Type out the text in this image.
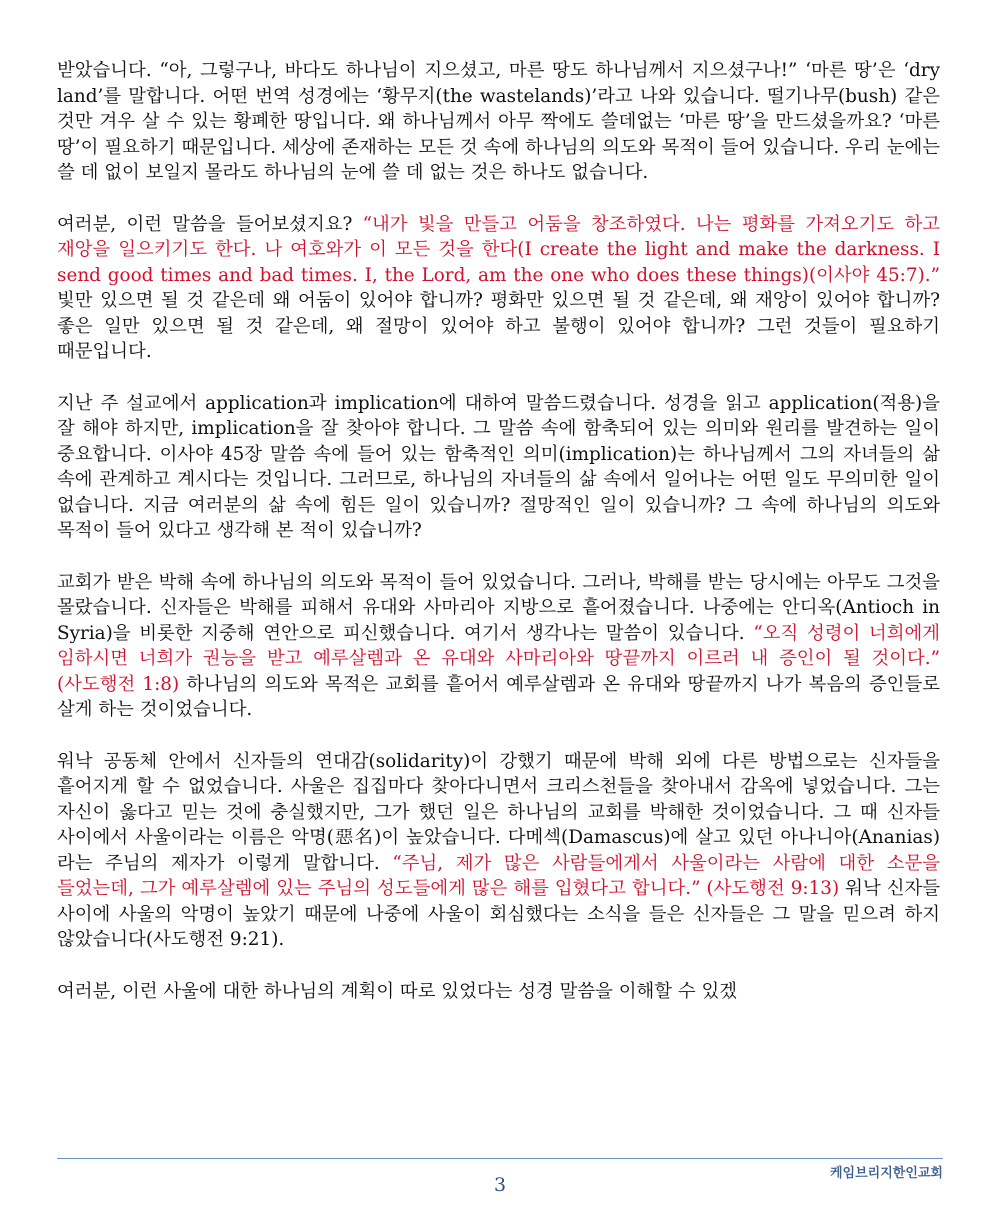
받았습니다. “아, 그렇구나, 바다도 하나님이 지으셨고, 마른 땅도 하나님께서 지으셨구나!” ‘마른 땅’은 ‘dry land’를 말합니다. 어떤 번역 성경에는 ‘황무지(the wastelands)’라고 나와 있습니다. 떨기나무(bush) 같은 것만 겨우 살 수 있는 황폐한 땅입니다. 왜 하나님께서 아무 짝에도 쓸데없는 ‘마른 땅’을 만드셨을까요? ‘마른 땅’이 필요하기 때문입니다. 세상에 존재하는 모든 것 속에 하나님의 의도와 목적이 들어 있습니다. 우리 눈에는 쓸 데 없이 보일지 몰라도 하나님의 눈에 쓸 데 없는 것은 하나도 없습니다.

여러분, 이런 말씀을 들어보셨지요? “내가 빛을 만들고 어둠을 창조하였다. 나는 평화를 가져오기도 하고 재앙을 일으키기도 한다. 나 여호와가 이 모든 것을 한다(I create the light and make the darkness. I send good times and bad times. I, the Lord, am the one who does these things)(이사야 45:7).” 빛만 있으면 될 것 같은데 왜 어둠이 있어야 합니까? 평화만 있으면 될 것 같은데, 왜 재앙이 있어야 합니까? 좋은 일만 있으면 될 것 같은데, 왜 절망이 있어야 하고 불행이 있어야 합니까? 그런 것들이 필요하기 때문입니다.

지난 주 설교에서 application과 implication에 대하여 말씀드렸습니다. 성경을 읽고 application(적용)을 잘 해야 하지만, implication을 잘 찾아야 합니다. 그 말씀 속에 함축되어 있는 의미와 원리를 발견하는 일이 중요합니다. 이사야 45장 말씀 속에 들어 있는 함축적인 의미(implication)는 하나님께서 그의 자녀들의 삶 속에 관계하고 계시다는 것입니다. 그러므로, 하나님의 자녀들의 삶 속에서 일어나는 어떤 일도 무의미한 일이 없습니다. 지금 여러분의 삶 속에 힘든 일이 있습니까? 절망적인 일이 있습니까? 그 속에 하나님의 의도와 목적이 들어 있다고 생각해 본 적이 있습니까?

교회가 받은 박해 속에 하나님의 의도와 목적이 들어 있었습니다. 그러나, 박해를 받는 당시에는 아무도 그것을 몰랐습니다. 신자들은 박해를 피해서 유대와 사마리아 지방으로 흩어졌습니다. 나중에는 안디옥(Antioch in Syria)을 비롯한 지중해 연안으로 피신했습니다. 여기서 생각나는 말씀이 있습니다. “오직 성령이 너희에게 임하시면 너희가 권능을 받고 예루살렘과 온 유대와 사마리아와 땅끝까지 이르러 내 증인이 될 것이다.” (사도행전 1:8) 하나님의 의도와 목적은 교회를 흩어서 예루살렘과 온 유대와 땅끝까지 나가 복음의 증인들로 살게 하는 것이었습니다.

워낙 공동체 안에서 신자들의 연대감(solidarity)이 강했기 때문에 박해 외에 다른 방법으로는 신자들을 흩어지게 할 수 없었습니다. 사울은 집집마다 찾아다니면서 크리스천들을 찾아내서 감옥에 넣었습니다. 그는 자신이 옳다고 믿는 것에 충실했지만, 그가 했던 일은 하나님의 교회를 박해한 것이었습니다. 그 때 신자들 사이에서 사울이라는 이름은 악명(惡名)이 높았습니다. 다메섹(Damascus)에 살고 있던 아나니아(Ananias)라는 주님의 제자가 이렇게 말합니다. “주님, 제가 많은 사람들에게서 사울이라는 사람에 대한 소문을 들었는데, 그가 예루살렘에 있는 주님의 성도들에게 많은 해를 입혔다고 합니다.” (사도행전 9:13) 워낙 신자들 사이에 사울의 악명이 높았기 때문에 나중에 사울이 회심했다는 소식을 들은 신자들은 그 말을 믿으려 하지 않았습니다(사도행전 9:21).

여러분, 이런 사울에 대한 하나님의 계획이 따로 있었다는 성경 말씀을 이해할 수 있겠

케임브리지한인교회
3
